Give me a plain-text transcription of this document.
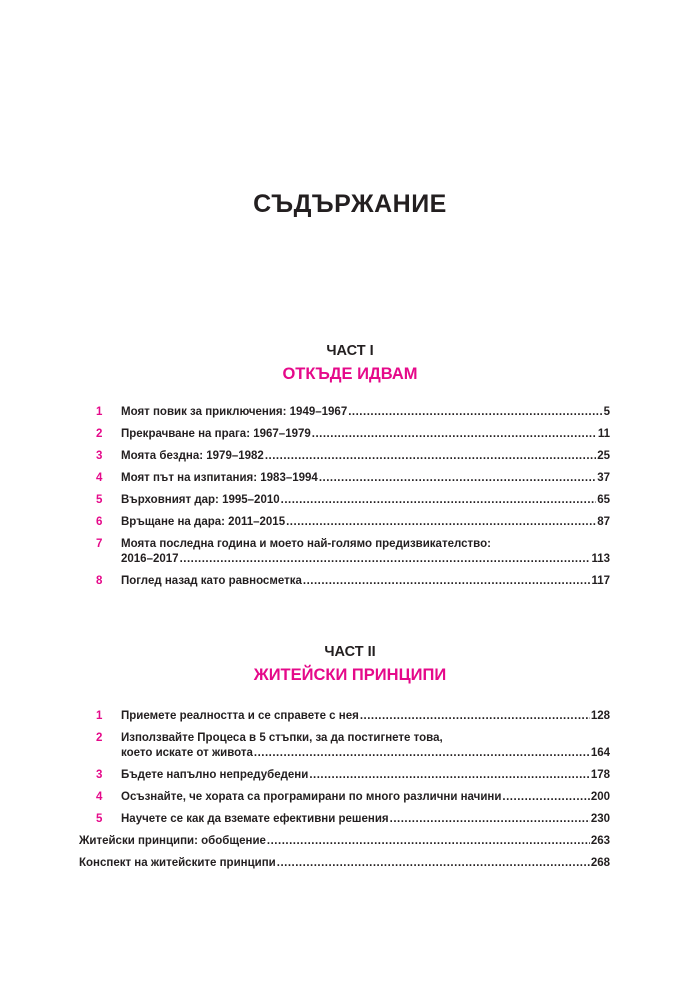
СЪДЪРЖАНИЕ
ЧАСТ I
ОТКЪДЕ ИДВАМ
1 Моят повик за приключения: 1949–1967 .....	5
2 Прекрачване на прага: 1967–1979 .....	11
3 Моята бездна: 1979–1982 .....	25
4 Моят път на изпитания: 1983–1994 .....	37
5 Върховният дар: 1995–2010 .....	65
6 Връщане на дара: 2011–2015 .....	87
7 Моята последна година и моето най-голямо предизвикателство:
2016–2017 .....	113
8 Поглед назад като равносметка .....	117
ЧАСТ II
ЖИТЕЙСКИ ПРИНЦИПИ
1 Приемете реалността и се справете с нея .....	128
2 Използвайте Процеса в 5 стъпки, за да постигнете това,
което искате от живота .....	164
3 Бъдете напълно непредубедени .....	178
4 Осъзнайте, че хората са програмирани по много различни начини .....	200
5 Научете се как да вземате ефективни решения .....	230
Житейски принципи: обобщение .....	263
Конспект на житейските принципи .....	268
